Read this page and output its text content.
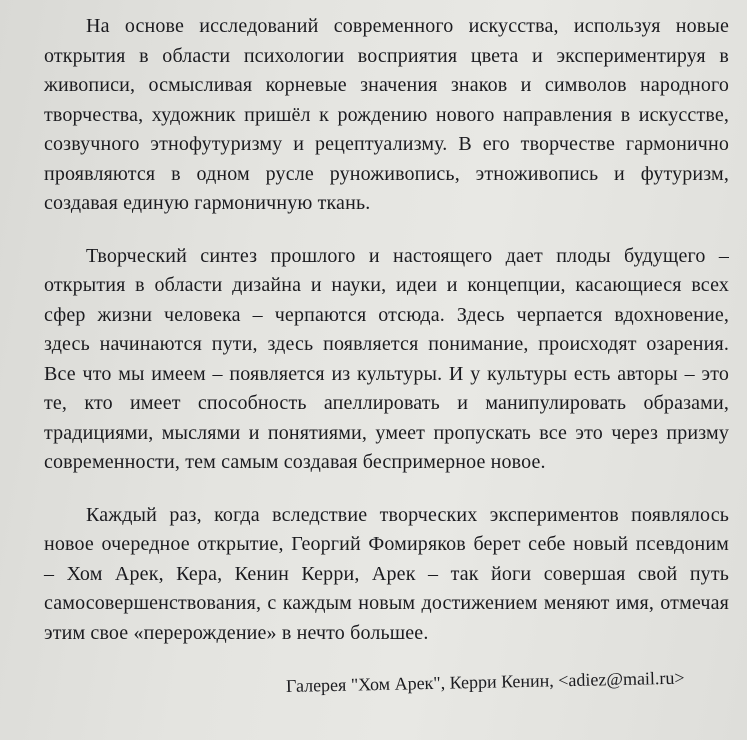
На основе исследований современного искусства, используя новые
открытия в области психологии восприятия цвета и экспериментируя в
живописи, осмысливая корневые значения знаков и символов народного
творчества, художник пришёл к рождению нового направления в искусстве,
созвучного этнофутуризму и рецептуализму. В его творчестве гармонично
проявляются в одном русле руноживопись, этноживопись и футуризм,
создавая единую гармоничную ткань.
Творческий синтез прошлого и настоящего дает плоды будущего –
открытия в области дизайна и науки, идеи и концепции, касающиеся всех
сфер жизни человека – черпаются отсюда. Здесь черпается вдохновение,
здесь начинаются пути, здесь появляется понимание, происходят озарения.
Все что мы имеем – появляется из культуры. И у культуры есть авторы – это
те, кто имеет способность апеллировать и манипулировать образами,
традициями, мыслями и понятиями, умеет пропускать все это через призму
современности, тем самым создавая беспримерное новое.
Каждый раз, когда вследствие творческих экспериментов появлялось
новое очередное открытие, Георгий Фомиряков берет себе новый псевдоним
– Хом Арек, Кера, Кенин Керри, Арек – так йоги совершая свой путь
самосовершенствования, с каждым новым достижением меняют имя, отмечая
этим свое «перерождение» в нечто большее.
Галерея "Хом Арек", Керри Кенин, <adiez@mail.ru>
